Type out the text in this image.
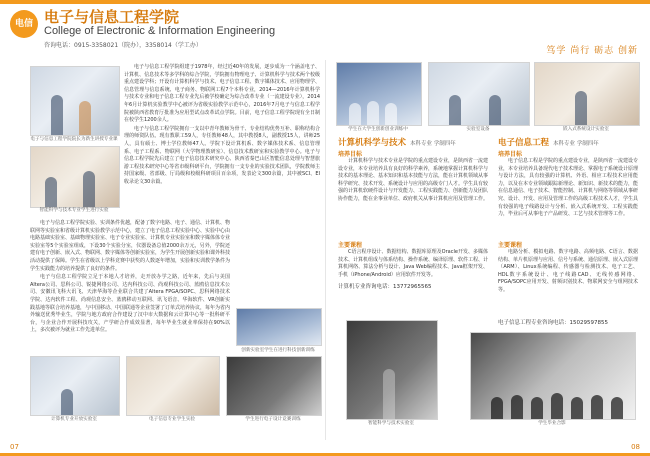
电信 电子与信息工程学院
College of Electronic & Information Engineering
咨询电话：0915-3358021（院办），3358014（学工办）
笃学 尚行 砺志 创新
电子与信息工程学院院长为新生讲授专业课
智能科学与技术专业学生进行实验

电子与信息工程学院组建于1978年，经过近40年的发展，逐步成为一个涵盖电子、计算机、信息技术等多学科的综合学院，学院拥有物理电子、计算机科学与技术两个校级重点建设学科；开设有计算机科学与技术、电子信息工程、数字媒体技术、应用物理学、信息管理与信息系统、电子商务、物联网工程7个本科专业，2014—2016年计算机科学与技术专业和电子信息工程专业先后被学校确定为综合改革专业（一流建设专业），2014年6月计算机实验教学中心被评为省级实验教学示范中心，2016年7月电子与信息工程学院被陕西省教育厅批准为应用型试点改革试点学院。目前，电子信息工程学院现有全日制在校学生1200余人。

电子与信息工程学院拥有一支以中青年教师为骨干、专业结构优势互补、职称结构合理的师资队伍。现有教职工59人，专任教师48人，其中教授8人，副教授15人，讲师25人，具有硕士、博士学位教师47人。学院下设计算机系、数字媒体技术系、信息管理系、电子工程系、物联网（大学物理教研室）、信息技术教研室和实验教学中心。电子与信息工程学院先后建立了电子信息技术研究中心、陕西省秦巴山区智能信息处理与智慧旅游工程技术研究中心等省市级科研平台，学院拥有一支专业的实验技术团队，学院教师主持国家级、省部级、厅局级和校级科研项目百余项，发表论文300余篇，其中被SCI、EI收录论文30余篇。

电子与信息工程学院实验、实训条件优越，配备了数字电路、电子、通信、计算机、物联网等实验室和省级计算机实验教学示范中心，建立了电子信息工程实验中心、实验中心由电路基础实验室、基础物理实验室、电子专业实验室、计算机专业实验室和数字媒体体专业实验室等5个实验室组成，下设30个实验分室，仪器设备总值2000余万元，另外，学院还建有电子创新、嵌入式、物联网、数字媒体等创新实验室，为学生开展创新实验和课外科技活动提供了保障。学生在省级以上学科竞赛中获奖的人数逐年增加，实验和实训教学条件为学生实践能力的培养提供了良好的条件。

电子与信息工程学院立足于本地人才培养，走开放办学之路，近年来，先后与美国Altera公司、思科公司、锐捷网络公司、达内科技公司、尚观科技公司、蓝鸥信息技术公司、安徽讯飞科大讯飞、天津华海等企业联合共建了Altera FPGA/SOPC、思科网络技术学院、达内软件工程、尚观信息安全、蓝鸥移动互联网、讯飞语音、华海软件、VR创新实践基地等联合培养基地，与中国移动、中国联通等企业签署了订单式培养协议，每年为省内外输送优秀毕业生，学院与地方政府合作建设了汉中市大数据和云计算中心等一批科研平台，与企业合作开展科技攻关，产学研合作成效显著，每年毕业生就业率保持在90%以上，多次被评为就业工作先进单位。

创新实验室学生在进行科技创新训练
计算机专业开放实验室	电子信息专业学生实验	学生进行电子设计竞赛训练
学生在大学生创新创业训练中	实验室设备	嵌入式系统设计实验室
计算机科学与技术 本科专业 学制四年
培养目标

计算机科学与技术专业是学院的重点建设专业，是陕西省一流建设专业，本专业培养具有良好的科学素养，系统地掌握计算机科学与技术的基本理论、基本知识和基本技能与方法，能在计算机领域从事科学研究、技术开发、系统设计与应用的高级专门人才。学生具有较强的计算机软硬件设计与开发能力、工程实践能力、创新能力及团队协作能力，能在企事业单位、政府机关从事计算机应用及管理工作。

主要课程

C语言程序设计、数据结构、数据库原理及Oracle开发、多媒体技术、计算机组成与体系结构、操作系统、编译原理、软件工程、计算机网络、算法分析与设计、Java Web编程技术、Java框架开发、手机（iPhone/Android）应用软件开发等。

计算机专业咨询电话：13772965565
电子信息工程 本科专业 学制四年
培养目标

电子信息工程是学院的重点建设专业，是陕西省一流建设专业，本专业培养具备现代电子技术理论、掌握电子系统设计原理与设计方法，具有较强的计算机、外语、相应工程技术应用能力，以及在本专业领域跟踪新理论、新知识、新技术的能力，能在信息通信、电子技术、智能控制、计算机与网络等领域从事研究、设计、开发、应用及管理工作的高级工程技术人才，学生具有较强的电子线路设计与分析、嵌入式系统开发、工程实践能力，毕业后可从事电子产品研发、工艺与技术管理等工作。

主要课程

电路分析、模拟电路、数字电路、高频电路、C语言、数据结构、单片机原理与应用、信号与系统、通信原理、嵌入式原理（ARM）、Linux系统编程、传感器与检测技术、电子工艺、HDL数字系统设计、电子线路CAD、无线传感网络、FPGA/SOPC应用开发、射频识别技术、物联网安全与组网技术等。

电子信息工程专业咨询电话：15029597855
智能科学与技术实验室	学生毕业合影
07	08
